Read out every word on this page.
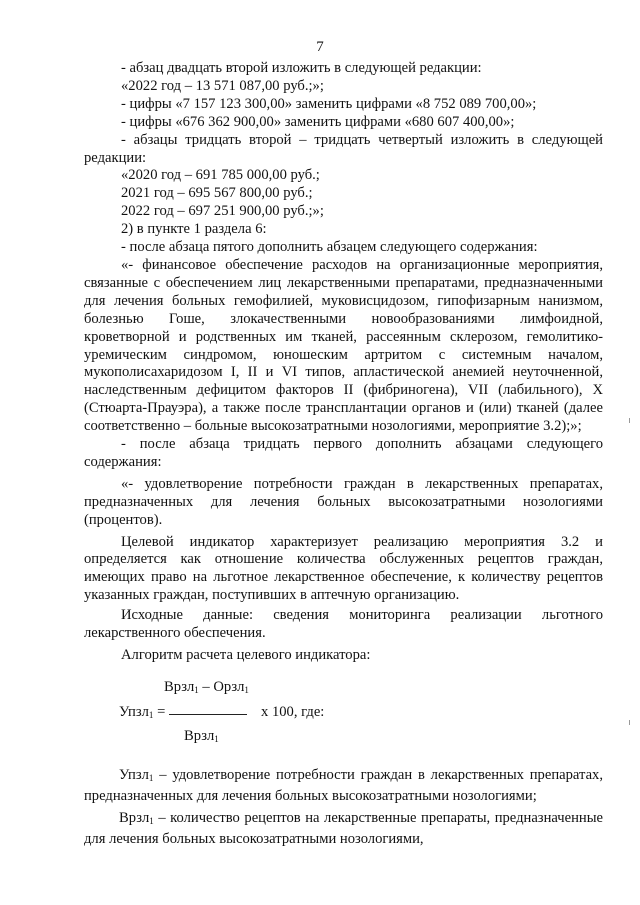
7

- абзац двадцать второй изложить в следующей редакции:

«2022 год – 13 571 087,00 руб.;»;

- цифры «7 157 123 300,00» заменить цифрами «8 752 089 700,00»;

- цифры «676 362 900,00» заменить цифрами «680 607 400,00»;

- абзацы тридцать второй – тридцать четвертый изложить в следующей редакции:

«2020 год – 691 785 000,00 руб.;

2021 год – 695 567 800,00 руб.;

2022 год – 697 251 900,00 руб.;»;

2) в пункте 1 раздела 6:

- после абзаца пятого дополнить абзацем следующего содержания:

«- финансовое обеспечение расходов на организационные мероприятия, связанные с обеспечением лиц лекарственными препаратами, предназначенными для лечения больных гемофилией, муковисцидозом, гипофизарным нанизмом, болезнью Гоше, злокачественными новообразованиями лимфоидной, кроветворной и родственных им тканей, рассеянным склерозом, гемолитико-уремическим синдромом, юношеским артритом с системным началом, мукополисахаридозом I, II и VI типов, апластической анемией неуточненной, наследственным дефицитом факторов II (фибриногена), VII (лабильного), X (Стюарта-Прауэра), а также после трансплантации органов и (или) тканей (далее соответственно – больные высокозатратными нозологиями, мероприятие 3.2);»;

- после абзаца тридцать первого дополнить абзацами следующего содержания:

«- удовлетворение потребности граждан в лекарственных препаратах, предназначенных для лечения больных высокозатратными нозологиями (процентов).

Целевой индикатор характеризует реализацию мероприятия 3.2 и определяется как отношение количества обслуженных рецептов граждан, имеющих право на льготное лекарственное обеспечение, к количеству рецептов указанных граждан, поступивших в аптечную организацию.

Исходные данные: сведения мониторинга реализации льготного лекарственного обеспечения.

Алгоритм расчета целевого индикатора:

Врзл$_1$ – Орзл$_1$
Упзл$_1$ =	х 100, где:
Врзл$_1$

Упзл$_1$ – удовлетворение потребности граждан в лекарственных препаратах, предназначенных для лечения больных высокозатратными нозологиями;

Врзл$_1$ – количество рецептов на лекарственные препараты, предназначенные для лечения больных высокозатратными нозологиями,
